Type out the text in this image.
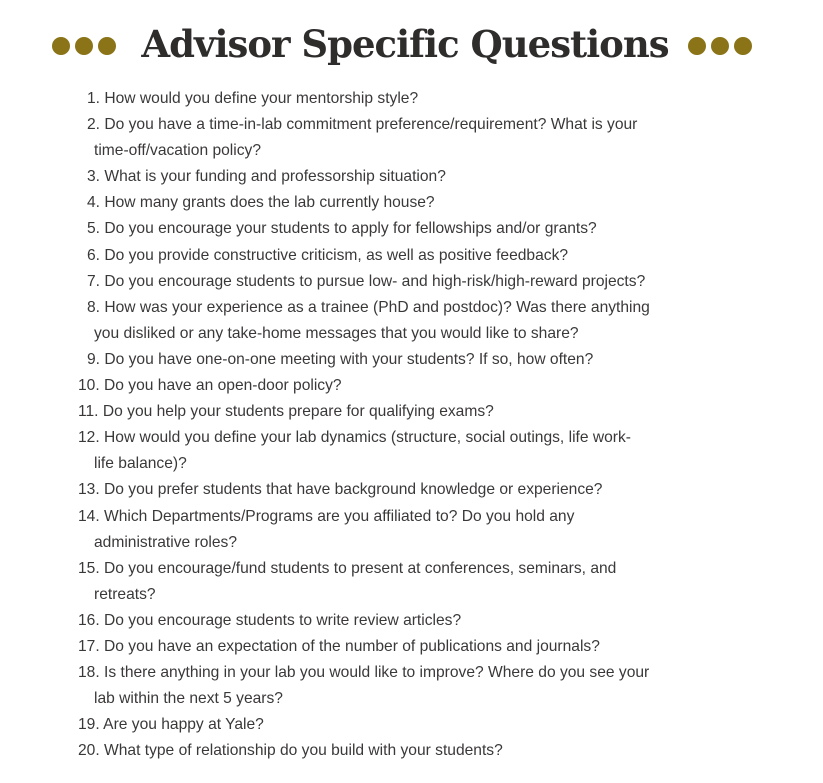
Advisor Specific Questions
1. How would you define your mentorship style?
2. Do you have a time-in-lab commitment preference/requirement? What is your
time-off/vacation policy?
3. What is your funding and professorship situation?
4. How many grants does the lab currently house?
5. Do you encourage your students to apply for fellowships and/or grants?
6. Do you provide constructive criticism, as well as positive feedback?
7. Do you encourage students to pursue low- and high-risk/high-reward projects?
8. How was your experience as a trainee (PhD and postdoc)? Was there anything
you disliked or any take-home messages that you would like to share?
9. Do you have one-on-one meeting with your students? If so, how often?
10. Do you have an open-door policy?
11. Do you help your students prepare for qualifying exams?
12. How would you define your lab dynamics (structure, social outings, life work-
life balance)?
13. Do you prefer students that have background knowledge or experience?
14. Which Departments/Programs are you affiliated to? Do you hold any
administrative roles?
15. Do you encourage/fund students to present at conferences, seminars, and
retreats?
16. Do you encourage students to write review articles?
17. Do you have an expectation of the number of publications and journals?
18. Is there anything in your lab you would like to improve? Where do you see your
lab within the next 5 years?
19. Are you happy at Yale?
20. What type of relationship do you build with your students?
